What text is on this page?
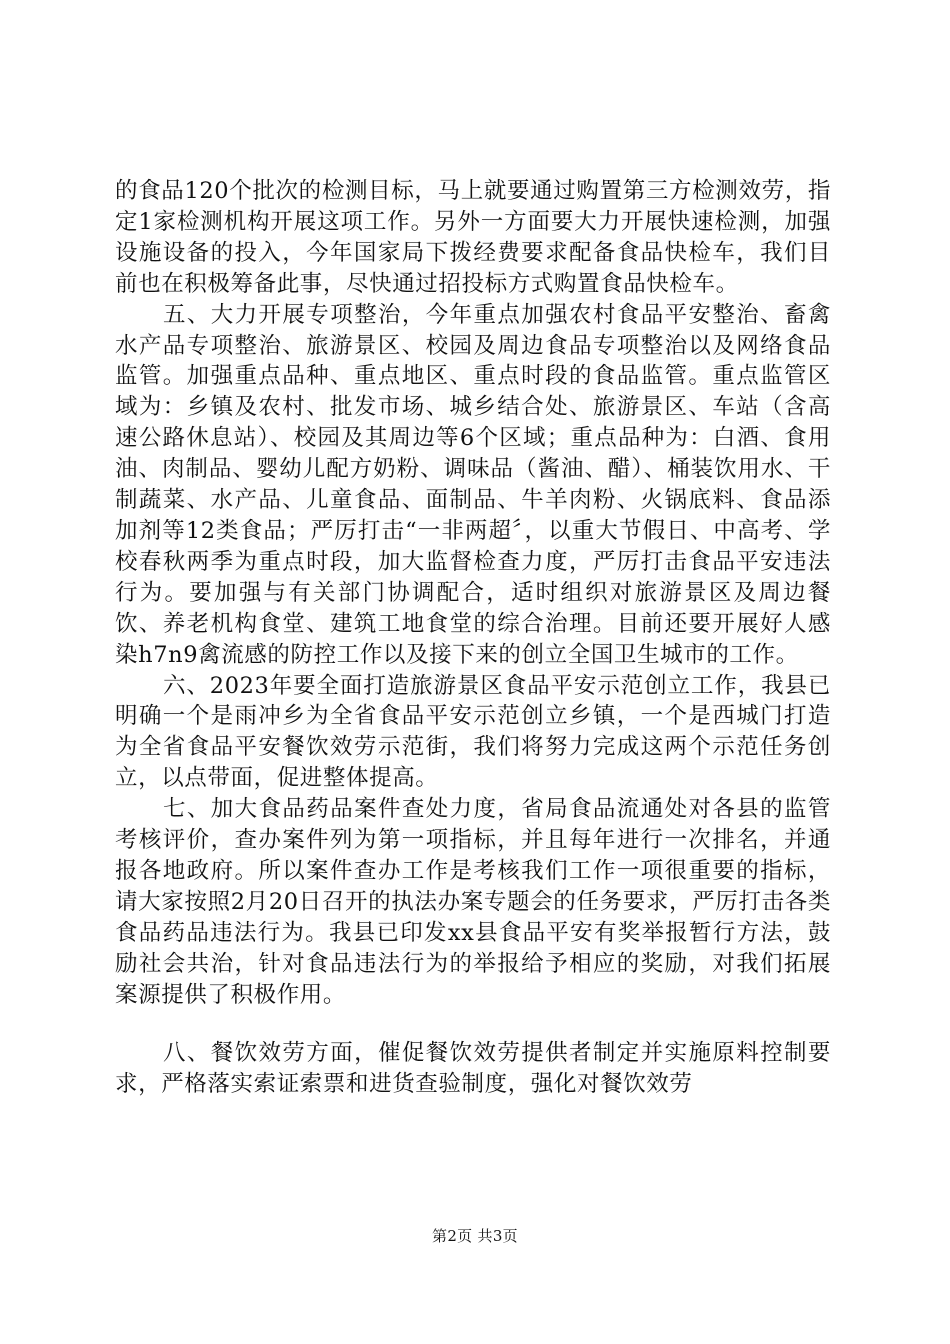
的食品120个批次的检测目标，马上就要通过购置第三方检测效劳，指定1家检测机构开展这项工作。另外一方面要大力开展快速检测，加强设施设备的投入，今年国家局下拨经费要求配备食品快检车，我们目前也在积极筹备此事，尽快通过招投标方式购置食品快检车。

五、大力开展专项整治，今年重点加强农村食品平安整治、畜禽水产品专项整治、旅游景区、校园及周边食品专项整治以及网络食品监管。加强重点品种、重点地区、重点时段的食品监管。重点监管区域为：乡镇及农村、批发市场、城乡结合处、旅游景区、车站（含高速公路休息站）、校园及其周边等6个区域；重点品种为：白酒、食用油、肉制品、婴幼儿配方奶粉、调味品（酱油、醋）、桶装饮用水、干制蔬菜、水产品、儿童食品、面制品、牛羊肉粉、火锅底料、食品添加剂等12类食品；严厉打击“一非两超〞，以重大节假日、中高考、学校春秋两季为重点时段，加大监督检查力度，严厉打击食品平安违法行为。要加强与有关部门协调配合，适时组织对旅游景区及周边餐饮、养老机构食堂、建筑工地食堂的综合治理。目前还要开展好人感染h7n9禽流感的防控工作以及接下来的创立全国卫生城市的工作。

六、2023年要全面打造旅游景区食品平安示范创立工作，我县已明确一个是雨冲乡为全省食品平安示范创立乡镇，一个是西城门打造为全省食品平安餐饮效劳示范街，我们将努力完成这两个示范任务创立，以点带面，促进整体提高。

七、加大食品药品案件查处力度，省局食品流通处对各县的监管考核评价，查办案件列为第一项指标，并且每年进行一次排名，并通报各地政府。所以案件查办工作是考核我们工作一项很重要的指标，请大家按照2月20日召开的执法办案专题会的任务要求，严厉打击各类食品药品违法行为。我县已印发xx县食品平安有奖举报暂行方法，鼓励社会共治，针对食品违法行为的举报给予相应的奖励，对我们拓展案源提供了积极作用。

八、餐饮效劳方面，催促餐饮效劳提供者制定并实施原料控制要求，严格落实索证索票和进货查验制度，强化对餐饮效劳

第2页 共3页
